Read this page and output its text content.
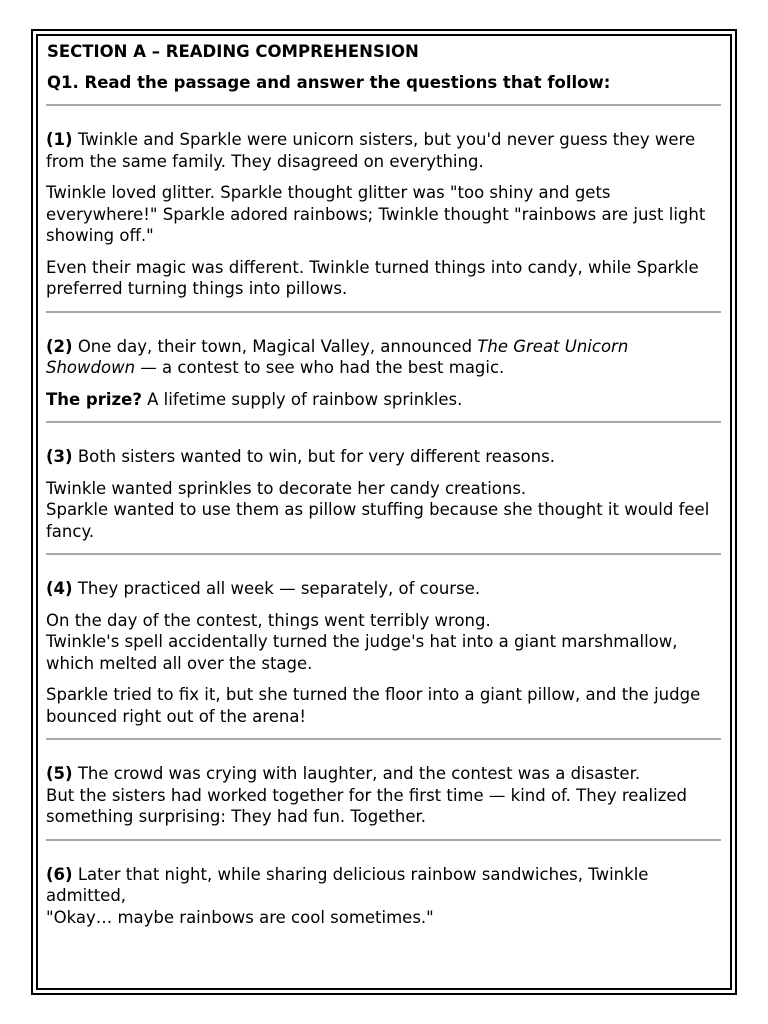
SECTION A – READING COMPREHENSION
Q1. Read the passage and answer the questions that follow:

(1) Twinkle and Sparkle were unicorn sisters, but you'd never guess they were from the same family. They disagreed on everything.

Twinkle loved glitter. Sparkle thought glitter was "too shiny and gets everywhere!" Sparkle adored rainbows; Twinkle thought "rainbows are just light showing off."

Even their magic was different. Twinkle turned things into candy, while Sparkle preferred turning things into pillows.

(2) One day, their town, Magical Valley, announced The Great Unicorn Showdown — a contest to see who had the best magic.

The prize? A lifetime supply of rainbow sprinkles.

(3) Both sisters wanted to win, but for very different reasons.

Twinkle wanted sprinkles to decorate her candy creations.
Sparkle wanted to use them as pillow stuffing because she thought it would feel fancy.

(4) They practiced all week — separately, of course.

On the day of the contest, things went terribly wrong.
Twinkle's spell accidentally turned the judge's hat into a giant marshmallow, which melted all over the stage.

Sparkle tried to fix it, but she turned the floor into a giant pillow, and the judge bounced right out of the arena!

(5) The crowd was crying with laughter, and the contest was a disaster.
But the sisters had worked together for the first time — kind of. They realized something surprising: They had fun. Together.

(6) Later that night, while sharing delicious rainbow sandwiches, Twinkle admitted,
"Okay… maybe rainbows are cool sometimes."
